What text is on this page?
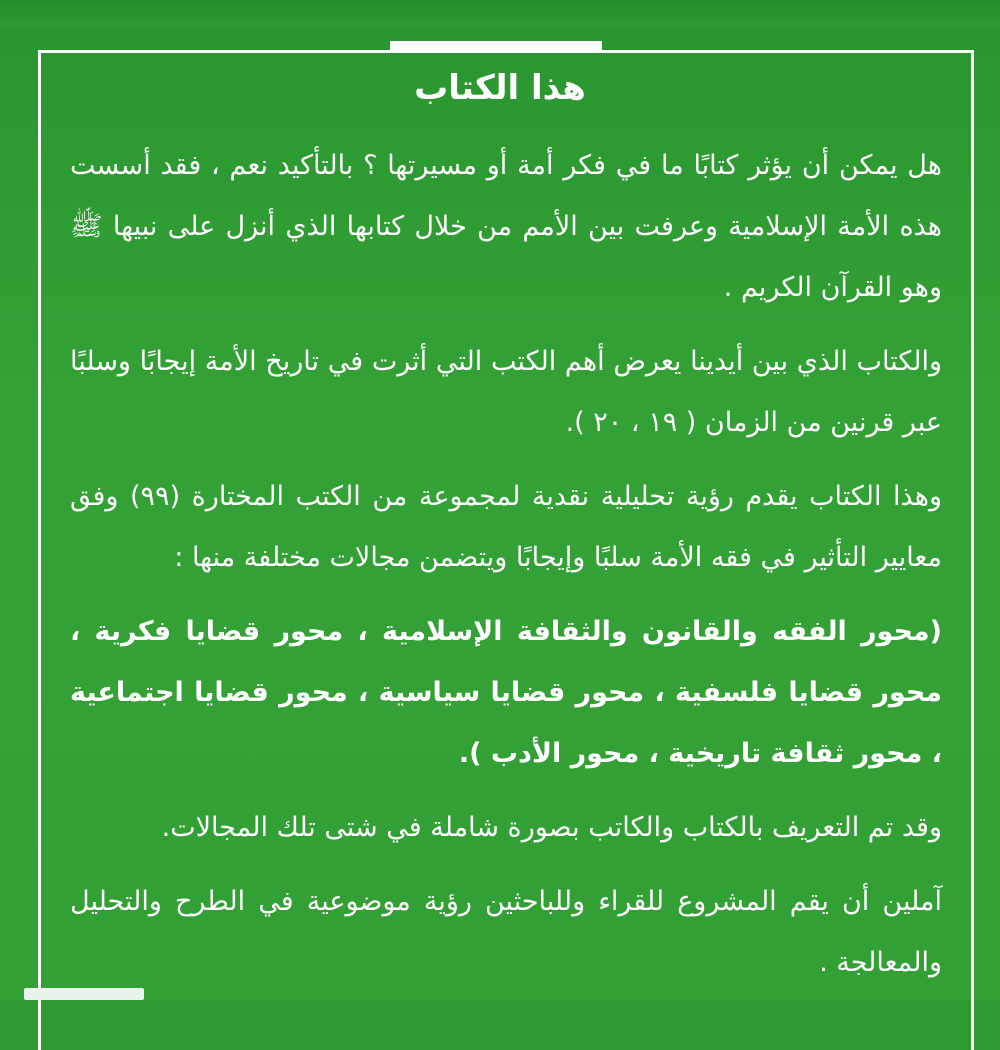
هذا الكتاب

هل يمكن أن يؤثر كتابًا ما في فكر أمة أو مسيرتها ؟ بالتأكيد نعم ، فقد أسست هذه الأمة الإسلامية وعرفت بين الأمم من خلال كتابها الذي أنزل على نبيها ﷺ وهو القرآن الكريم .

والكتاب الذي بين أيدينا يعرض أهم الكتب التي أثرت في تاريخ الأمة إيجابًا وسلبًا عبر قرنين من الزمان ( ١٩ ، ٢٠ ).

وهذا الكتاب يقدم رؤية تحليلية نقدية لمجموعة من الكتب المختارة (٩٩) وفق معايير التأثير في فقه الأمة سلبًا وإيجابًا ويتضمن مجالات مختلفة منها :

(محور الفقه والقانون والثقافة الإسلامية ، محور قضايا فكرية ، محور قضايا فلسفية ، محور قضايا سياسية ، محور قضايا اجتماعية ، محور ثقافة تاريخية ، محور الأدب ).

وقد تم التعريف بالكتاب والكاتب بصورة شاملة في شتى تلك المجالات.

آملين أن يقم المشروع للقراء وللباحثين رؤية موضوعية في الطرح والتحليل والمعالجة .
